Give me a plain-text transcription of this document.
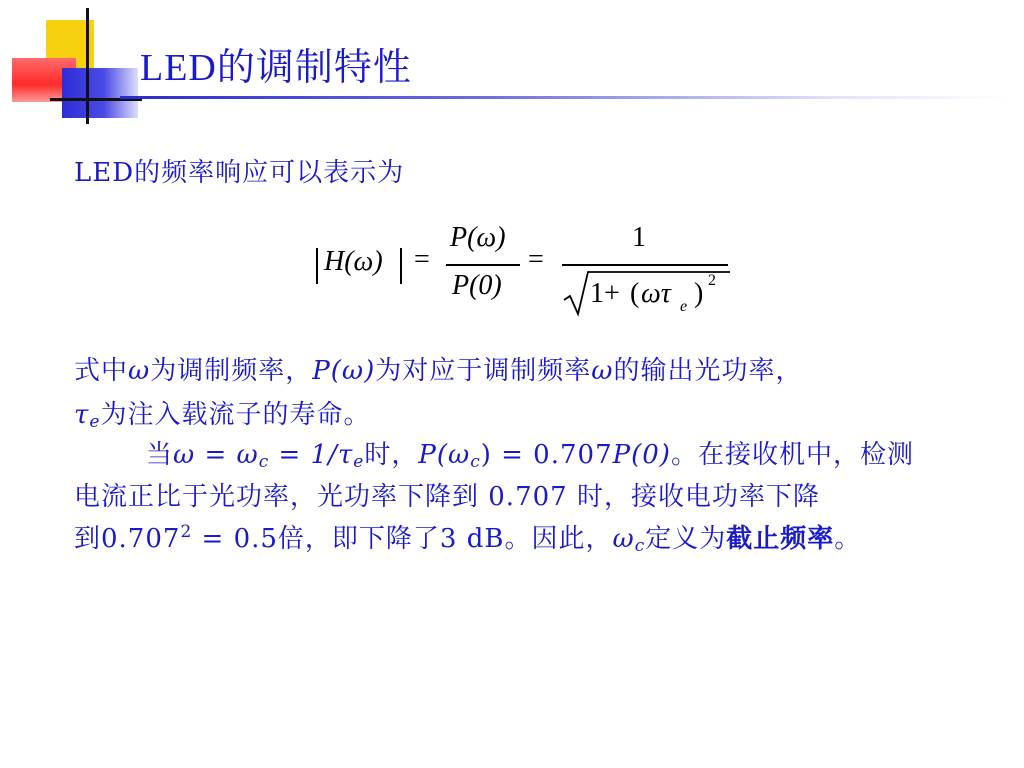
LED的调制特性
LED的频率响应可以表示为
H(ω) =
P(ω)
P(0)
=
1
1+ ( ωτ e ) 2
式中ω为调制频率，P(ω)为对应于调制频率ω的输出光功率，
$\tau_e$为注入载流子的寿命。
当$\omega = \omega_c = 1/\tau_e$时，$P(\omega_c) = 0.707P(0)$。在接收机中，检测
电流正比于光功率，光功率下降到 0.707 时，接收电功率下降
到$0.707^2 = 0.5$倍，即下降了3 dB。因此，$\omega_c$定义为截止频率。
